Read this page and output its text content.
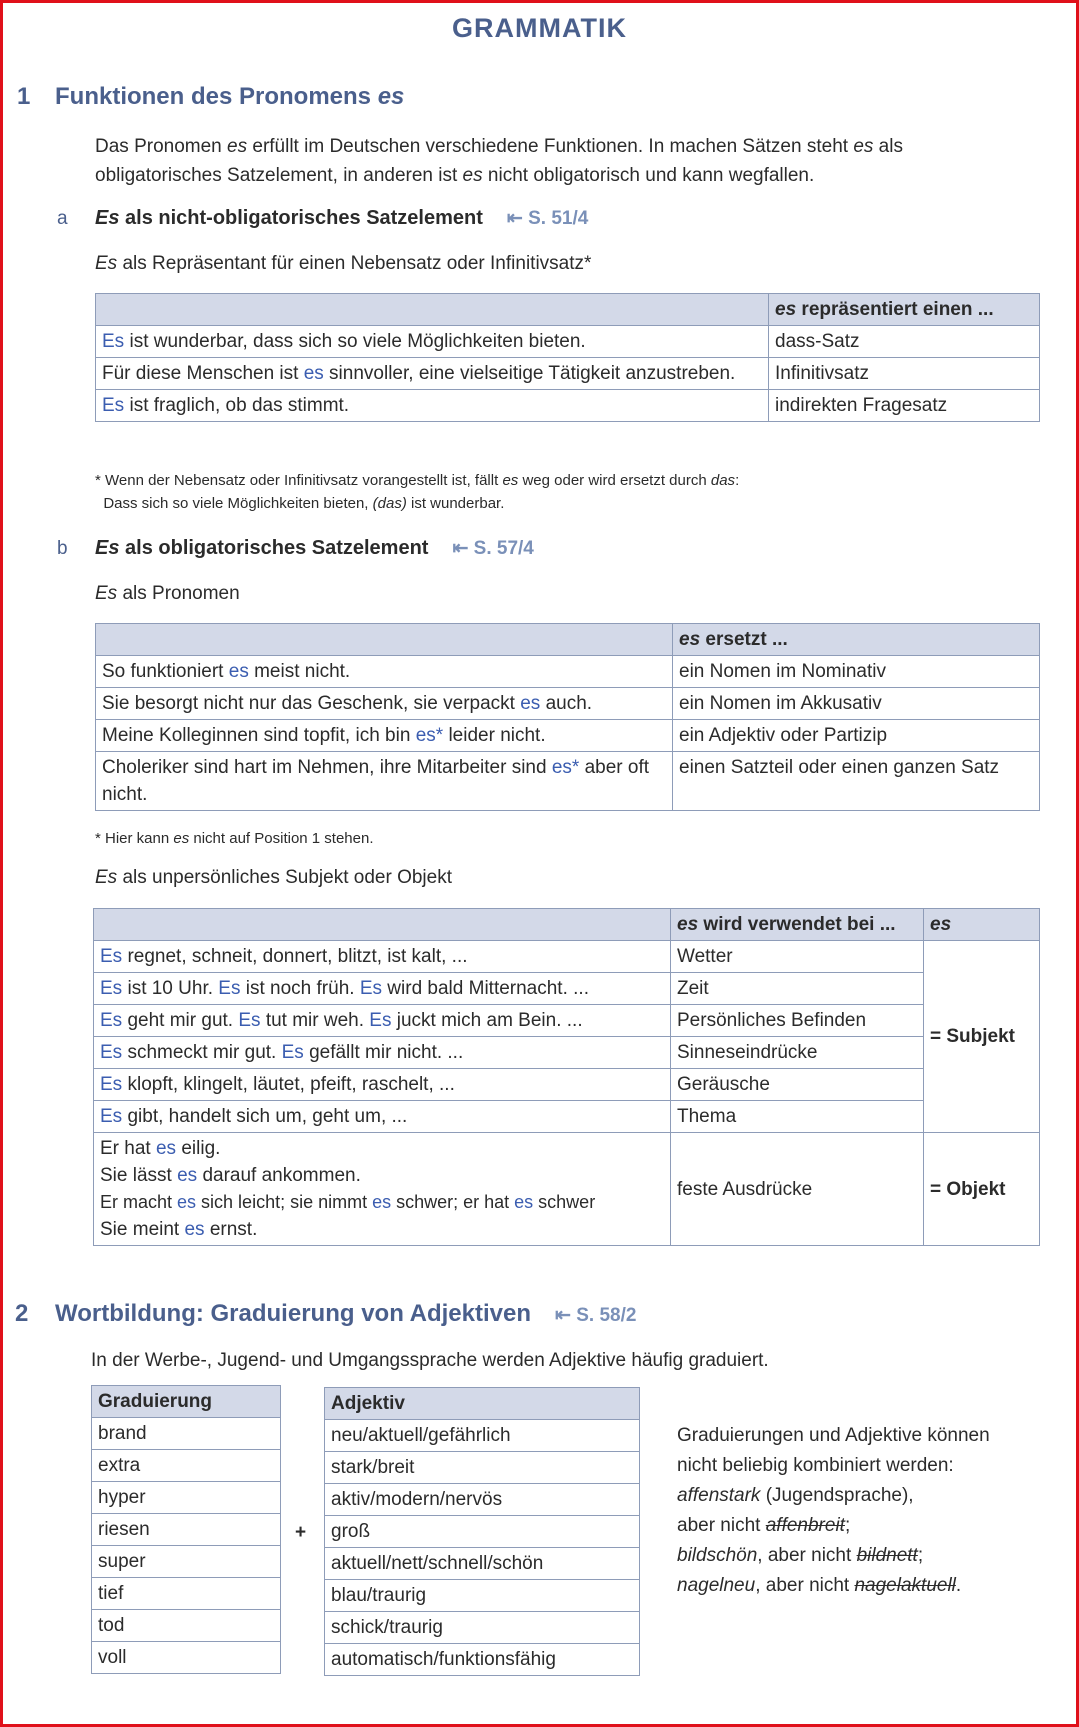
GRAMMATIK
1 Funktionen des Pronomens es
Das Pronomen es erfüllt im Deutschen verschiedene Funktionen. In machen Sätzen steht es als
obligatorisches Satzelement, in anderen ist es nicht obligatorisch und kann wegfallen.
a Es als nicht-obligatorisches Satzelement ⇤ S. 51/4
Es als Repräsentant für einen Nebensatz oder Infinitivsatz*
	es repräsentiert einen ...
Es ist wunderbar, dass sich so viele Möglichkeiten bieten.	dass-Satz
Für diese Menschen ist es sinnvoller, eine vielseitige Tätigkeit anzustreben.	Infinitivsatz
Es ist fraglich, ob das stimmt.	indirekten Fragesatz
* Wenn der Nebensatz oder Infinitivsatz vorangestellt ist, fällt es weg oder wird ersetzt durch das:
Dass sich so viele Möglichkeiten bieten, (das) ist wunderbar.
b Es als obligatorisches Satzelement ⇤ S. 57/4
Es als Pronomen
	es ersetzt ...
So funktioniert es meist nicht.	ein Nomen im Nominativ
Sie besorgt nicht nur das Geschenk, sie verpackt es auch.	ein Nomen im Akkusativ
Meine Kolleginnen sind topfit, ich bin es* leider nicht.	ein Adjektiv oder Partizip
Choleriker sind hart im Nehmen, ihre Mitarbeiter sind es* aber oft nicht.	einen Satzteil oder einen ganzen Satz
* Hier kann es nicht auf Position 1 stehen.
Es als unpersönliches Subjekt oder Objekt
	es wird verwendet bei ...	es
Es regnet, schneit, donnert, blitzt, ist kalt, ...	Wetter	= Subjekt
Es ist 10 Uhr. Es ist noch früh. Es wird bald Mitternacht. ...	Zeit	
Es geht mir gut. Es tut mir weh. Es juckt mich am Bein. ...	Persönliches Befinden	
Es schmeckt mir gut. Es gefällt mir nicht. ...	Sinneseindrücke	
Es klopft, klingelt, läutet, pfeift, raschelt, ...	Geräusche	
Es gibt, handelt sich um, geht um, ...	Thema	
Er hat es eilig.
Sie lässt es darauf ankommen.
Er macht es sich leicht; sie nimmt es schwer; er hat es schwer
Sie meint es ernst.	feste Ausdrücke	= Objekt
2 Wortbildung: Graduierung von Adjektiven ⇤ S. 58/2
In der Werbe-, Jugend- und Umgangssprache werden Adjektive häufig graduiert.
Graduierung
brand
extra
hyper
riesen
super
tief
tod
voll
+
Adjektiv
neu/aktuell/gefährlich
stark/breit
aktiv/modern/nervös
groß
aktuell/nett/schnell/schön
blau/traurig
schick/traurig
automatisch/funktionsfähig
Graduierungen und Adjektive können
nicht beliebig kombiniert werden:
affenstark (Jugendsprache),
aber nicht affenbreit;
bildschön, aber nicht bildnett;
nagelneu, aber nicht nagelaktuell.
